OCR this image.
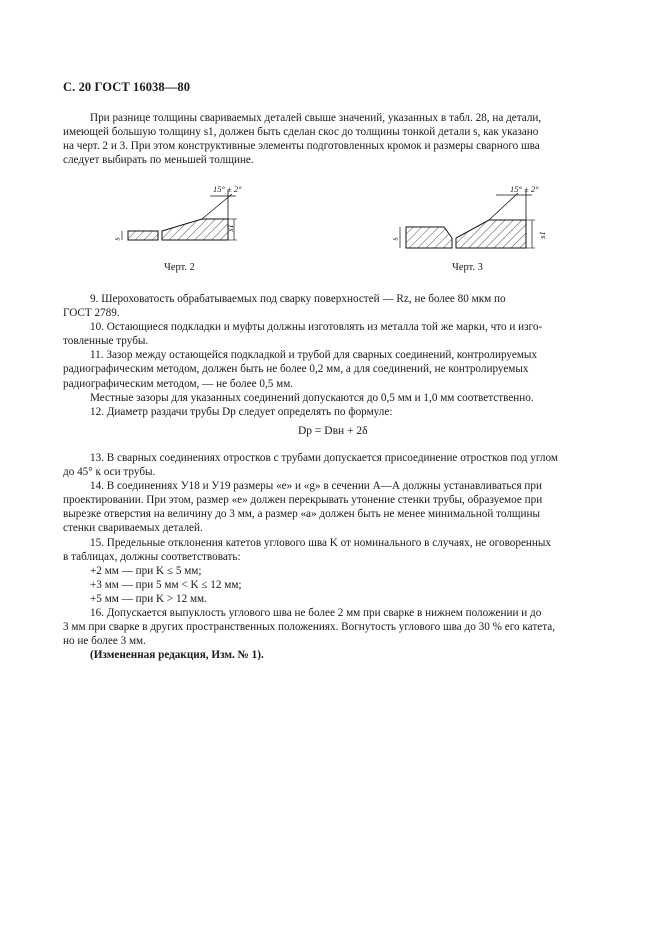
С. 20 ГОСТ 16038—80
При разнице толщины свариваемых деталей свыше значений, указанных в табл. 28, на детали,
имеющей большую толщину s1, должен быть сделан скос до толщины тонкой детали s, как указано
на черт. 2 и 3. При этом конструктивные элементы подготовленных кромок и размеры сварного шва
следует выбирать по меньшей толщине.
15° ± 2°
s
s1
Черт. 2
15° ± 2°
s
s1
Черт. 3
9. Шероховатость обрабатываемых под сварку поверхностей — Rz, не более 80 мкм по
ГОСТ 2789.
10. Остающиеся подкладки и муфты должны изготовлять из металла той же марки, что и изго-
товленные трубы.
11. Зазор между остающейся подкладкой и трубой для сварных соединений, контролируемых
радиографическим методом, должен быть не более 0,2 мм, а для соединений, не контролируемых
радиографическим методом, — не более 0,5 мм.
Местные зазоры для указанных соединений допускаются до 0,5 мм и 1,0 мм соответственно.
12. Диаметр раздачи трубы Dр следует определять по формуле:
Dр = Dвн + 2δ
13. В сварных соединениях отростков с трубами допускается присоединение отростков под углом
до 45° к оси трубы.
14. В соединениях У18 и У19 размеры «e» и «g» в сечении А—А должны устанавливаться при
проектировании. При этом, размер «e» должен перекрывать утонение стенки трубы, образуемое при
вырезке отверстия на величину до 3 мм, а размер «a» должен быть не менее минимальной толщины
стенки свариваемых деталей.
15. Предельные отклонения катетов углового шва K от номинального в случаях, не оговоренных
в таблицах, должны соответствовать:
+2 мм — при K ≤ 5 мм;
+3 мм — при 5 мм < K ≤ 12 мм;
+5 мм — при K > 12 мм.
16. Допускается выпуклость углового шва не более 2 мм при сварке в нижнем положении и до
3 мм при сварке в других пространственных положениях. Вогнутость углового шва до 30 % его катета,
но не более 3 мм.
(Измененная редакция, Изм. № 1).
